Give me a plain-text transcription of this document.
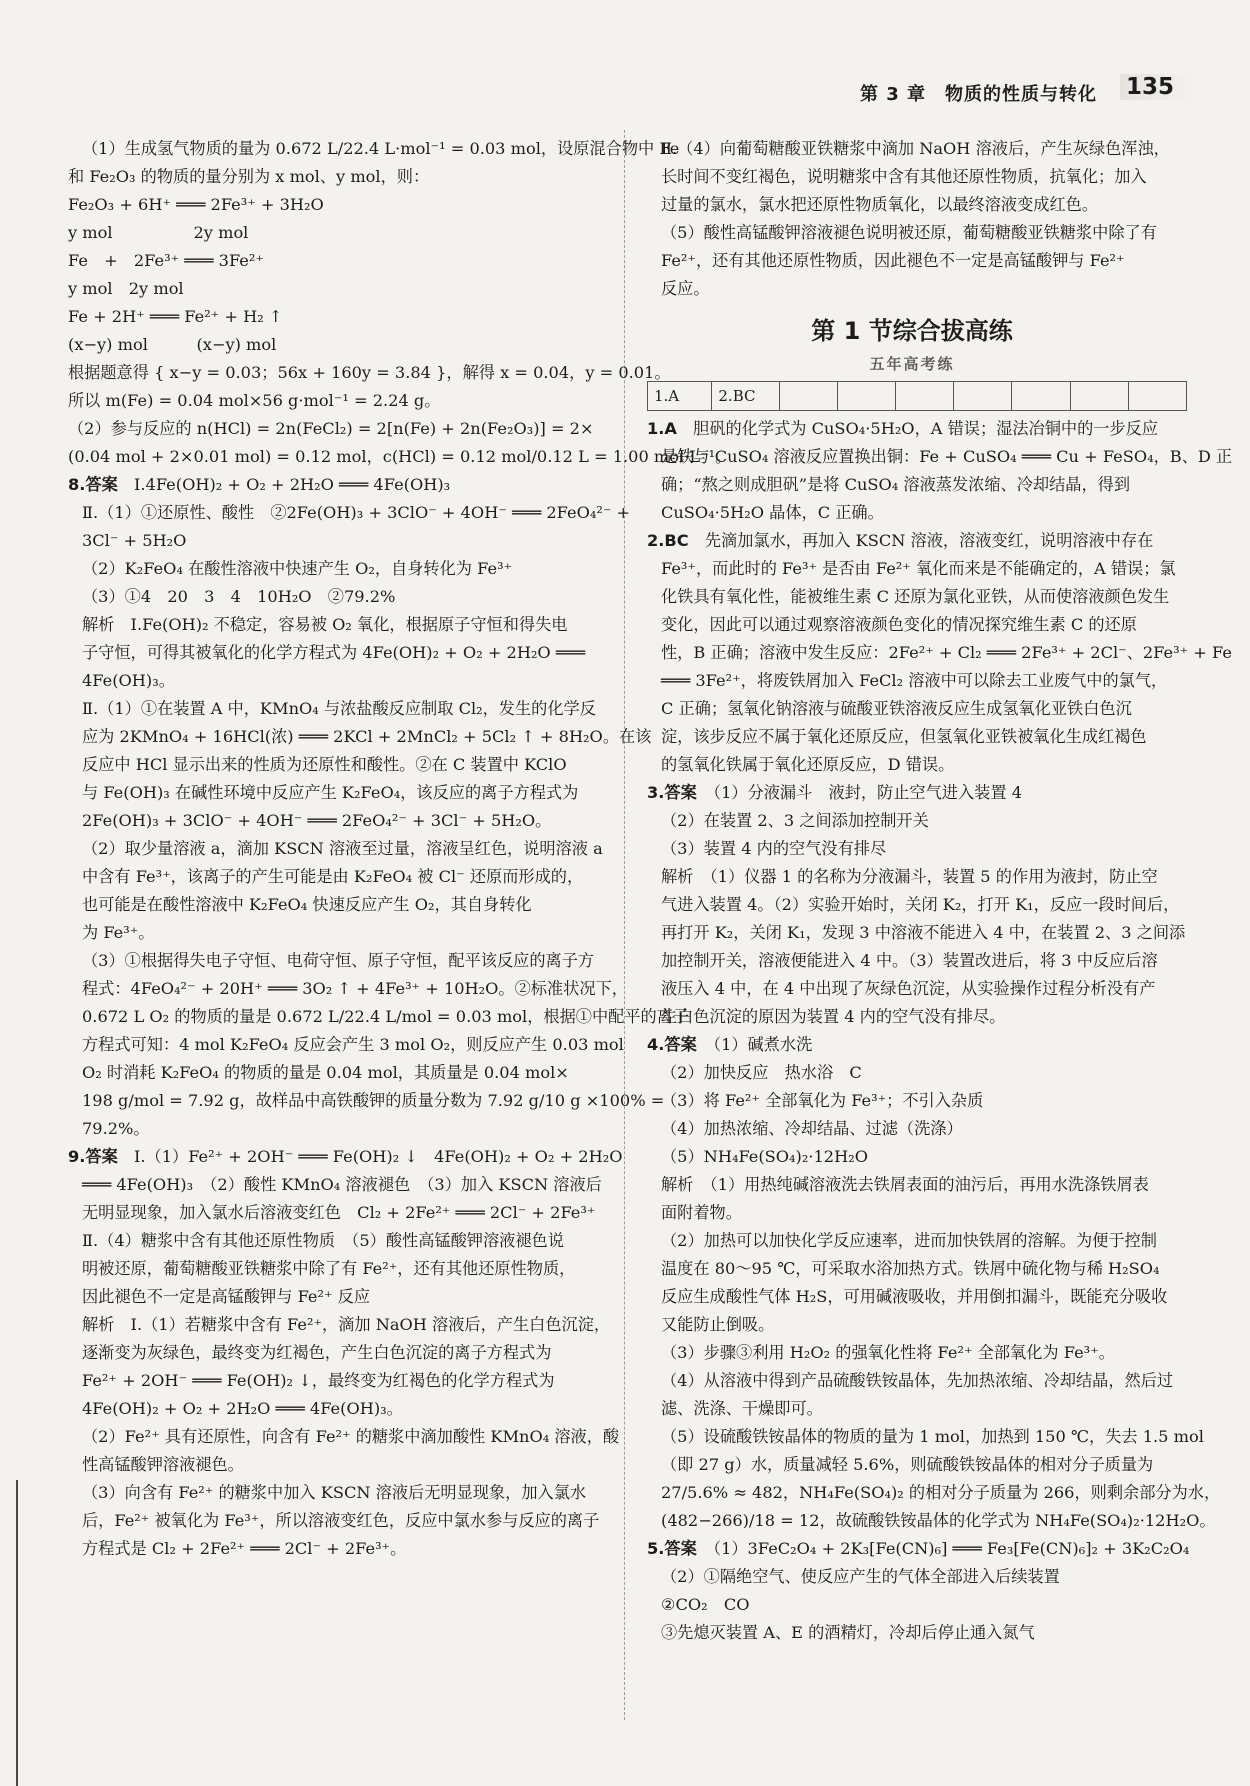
第 3 章　物质的性质与转化 135
（1）生成氢气物质的量为 0.672 L/22.4 L·mol⁻¹ = 0.03 mol，设原混合物中 Fe
和 Fe₂O₃ 的物质的量分别为 x mol、y mol，则：
Fe₂O₃ + 6H⁺ ═══ 2Fe³⁺ + 3H₂O
y mol　　　　　2y mol
Fe　+　2Fe³⁺ ═══ 3Fe²⁺
y mol　2y mol
Fe + 2H⁺ ═══ Fe²⁺ + H₂ ↑
(x−y) mol　　　(x−y) mol
根据题意得 { x−y = 0.03；56x + 160y = 3.84 }，解得 x = 0.04，y = 0.01。
所以 m(Fe) = 0.04 mol×56 g·mol⁻¹ = 2.24 g。
（2）参与反应的 n(HCl) = 2n(FeCl₂) = 2[n(Fe) + 2n(Fe₂O₃)] = 2×
(0.04 mol + 2×0.01 mol) = 0.12 mol，c(HCl) = 0.12 mol/0.12 L = 1.00 mol·L⁻¹。
8.答案　Ⅰ.4Fe(OH)₂ + O₂ + 2H₂O ═══ 4Fe(OH)₃
Ⅱ.（1）①还原性、酸性　②2Fe(OH)₃ + 3ClO⁻ + 4OH⁻ ═══ 2FeO₄²⁻ +
3Cl⁻ + 5H₂O
（2）K₂FeO₄ 在酸性溶液中快速产生 O₂，自身转化为 Fe³⁺
（3）①4　20　3　4　10H₂O　②79.2%
解析　Ⅰ.Fe(OH)₂ 不稳定，容易被 O₂ 氧化，根据原子守恒和得失电
子守恒，可得其被氧化的化学方程式为 4Fe(OH)₂ + O₂ + 2H₂O ═══
4Fe(OH)₃。
Ⅱ.（1）①在装置 A 中，KMnO₄ 与浓盐酸反应制取 Cl₂，发生的化学反
应为 2KMnO₄ + 16HCl(浓) ═══ 2KCl + 2MnCl₂ + 5Cl₂ ↑ + 8H₂O。在该
反应中 HCl 显示出来的性质为还原性和酸性。②在 C 装置中 KClO
与 Fe(OH)₃ 在碱性环境中反应产生 K₂FeO₄，该反应的离子方程式为
2Fe(OH)₃ + 3ClO⁻ + 4OH⁻ ═══ 2FeO₄²⁻ + 3Cl⁻ + 5H₂O。
（2）取少量溶液 a，滴加 KSCN 溶液至过量，溶液呈红色，说明溶液 a
中含有 Fe³⁺，该离子的产生可能是由 K₂FeO₄ 被 Cl⁻ 还原而形成的，
也可能是在酸性溶液中 K₂FeO₄ 快速反应产生 O₂，其自身转化
为 Fe³⁺。
（3）①根据得失电子守恒、电荷守恒、原子守恒，配平该反应的离子方
程式：4FeO₄²⁻ + 20H⁺ ═══ 3O₂ ↑ + 4Fe³⁺ + 10H₂O。②标准状况下，
0.672 L O₂ 的物质的量是 0.672 L/22.4 L/mol = 0.03 mol，根据①中配平的离子
方程式可知：4 mol K₂FeO₄ 反应会产生 3 mol O₂，则反应产生 0.03 mol
O₂ 时消耗 K₂FeO₄ 的物质的量是 0.04 mol，其质量是 0.04 mol×
198 g/mol = 7.92 g，故样品中高铁酸钾的质量分数为 7.92 g/10 g ×100% =
79.2%。
9.答案　Ⅰ.（1）Fe²⁺ + 2OH⁻ ═══ Fe(OH)₂ ↓　4Fe(OH)₂ + O₂ + 2H₂O
═══ 4Fe(OH)₃　（2）酸性 KMnO₄ 溶液褪色　（3）加入 KSCN 溶液后
无明显现象，加入氯水后溶液变红色　Cl₂ + 2Fe²⁺ ═══ 2Cl⁻ + 2Fe³⁺
Ⅱ.（4）糖浆中含有其他还原性物质　（5）酸性高锰酸钾溶液褪色说
明被还原，葡萄糖酸亚铁糖浆中除了有 Fe²⁺，还有其他还原性物质，
因此褪色不一定是高锰酸钾与 Fe²⁺ 反应
解析　Ⅰ.（1）若糖浆中含有 Fe²⁺，滴加 NaOH 溶液后，产生白色沉淀，
逐渐变为灰绿色，最终变为红褐色，产生白色沉淀的离子方程式为
Fe²⁺ + 2OH⁻ ═══ Fe(OH)₂ ↓，最终变为红褐色的化学方程式为
4Fe(OH)₂ + O₂ + 2H₂O ═══ 4Fe(OH)₃。
（2）Fe²⁺ 具有还原性，向含有 Fe²⁺ 的糖浆中滴加酸性 KMnO₄ 溶液，酸
性高锰酸钾溶液褪色。
（3）向含有 Fe²⁺ 的糖浆中加入 KSCN 溶液后无明显现象，加入氯水
后，Fe²⁺ 被氧化为 Fe³⁺，所以溶液变红色，反应中氯水参与反应的离子
方程式是 Cl₂ + 2Fe²⁺ ═══ 2Cl⁻ + 2Fe³⁺。
Ⅱ.（4）向葡萄糖酸亚铁糖浆中滴加 NaOH 溶液后，产生灰绿色浑浊，
长时间不变红褐色，说明糖浆中含有其他还原性物质，抗氧化；加入
过量的氯水，氯水把还原性物质氧化，以最终溶液变成红色。
（5）酸性高锰酸钾溶液褪色说明被还原，葡萄糖酸亚铁糖浆中除了有
Fe²⁺，还有其他还原性物质，因此褪色不一定是高锰酸钾与 Fe²⁺
反应。
第 1 节综合拔高练
五年高考练
1.A	2.BC							
1.A　胆矾的化学式为 CuSO₄·5H₂O，A 错误；湿法冶铜中的一步反应
是铁与 CuSO₄ 溶液反应置换出铜：Fe + CuSO₄ ═══ Cu + FeSO₄，B、D 正
确；“熬之则成胆矾”是将 CuSO₄ 溶液蒸发浓缩、冷却结晶，得到
CuSO₄·5H₂O 晶体，C 正确。
2.BC　先滴加氯水，再加入 KSCN 溶液，溶液变红，说明溶液中存在
Fe³⁺，而此时的 Fe³⁺ 是否由 Fe²⁺ 氧化而来是不能确定的，A 错误；氯
化铁具有氧化性，能被维生素 C 还原为氯化亚铁，从而使溶液颜色发生
变化，因此可以通过观察溶液颜色变化的情况探究维生素 C 的还原
性，B 正确；溶液中发生反应：2Fe²⁺ + Cl₂ ═══ 2Fe³⁺ + 2Cl⁻、2Fe³⁺ + Fe
═══ 3Fe²⁺，将废铁屑加入 FeCl₂ 溶液中可以除去工业废气中的氯气，
C 正确；氢氧化钠溶液与硫酸亚铁溶液反应生成氢氧化亚铁白色沉
淀，该步反应不属于氧化还原反应，但氢氧化亚铁被氧化生成红褐色
的氢氧化铁属于氧化还原反应，D 错误。
3.答案　（1）分液漏斗　液封，防止空气进入装置 4
（2）在装置 2、3 之间添加控制开关
（3）装置 4 内的空气没有排尽
解析　（1）仪器 1 的名称为分液漏斗，装置 5 的作用为液封，防止空
气进入装置 4。（2）实验开始时，关闭 K₂，打开 K₁，反应一段时间后，
再打开 K₂，关闭 K₁，发现 3 中溶液不能进入 4 中，在装置 2、3 之间添
加控制开关，溶液便能进入 4 中。（3）装置改进后，将 3 中反应后溶
液压入 4 中，在 4 中出现了灰绿色沉淀，从实验操作过程分析没有产
生白色沉淀的原因为装置 4 内的空气没有排尽。
4.答案　（1）碱煮水洗
（2）加快反应　热水浴　C
（3）将 Fe²⁺ 全部氧化为 Fe³⁺；不引入杂质
（4）加热浓缩、冷却结晶、过滤（洗涤）
（5）NH₄Fe(SO₄)₂·12H₂O
解析　（1）用热纯碱溶液洗去铁屑表面的油污后，再用水洗涤铁屑表
面附着物。
（2）加热可以加快化学反应速率，进而加快铁屑的溶解。为便于控制
温度在 80～95 ℃，可采取水浴加热方式。铁屑中硫化物与稀 H₂SO₄
反应生成酸性气体 H₂S，可用碱液吸收，并用倒扣漏斗，既能充分吸收
又能防止倒吸。
（3）步骤③利用 H₂O₂ 的强氧化性将 Fe²⁺ 全部氧化为 Fe³⁺。
（4）从溶液中得到产品硫酸铁铵晶体，先加热浓缩、冷却结晶，然后过
滤、洗涤、干燥即可。
（5）设硫酸铁铵晶体的物质的量为 1 mol，加热到 150 ℃，失去 1.5 mol
（即 27 g）水，质量减轻 5.6%，则硫酸铁铵晶体的相对分子质量为
27/5.6% ≈ 482，NH₄Fe(SO₄)₂ 的相对分子质量为 266，则剩余部分为水，
(482−266)/18 = 12，故硫酸铁铵晶体的化学式为 NH₄Fe(SO₄)₂·12H₂O。
5.答案　（1）3FeC₂O₄ + 2K₃[Fe(CN)₆] ═══ Fe₃[Fe(CN)₆]₂ + 3K₂C₂O₄
（2）①隔绝空气、使反应产生的气体全部进入后续装置
②CO₂　CO
③先熄灭装置 A、E 的酒精灯，冷却后停止通入氮气
